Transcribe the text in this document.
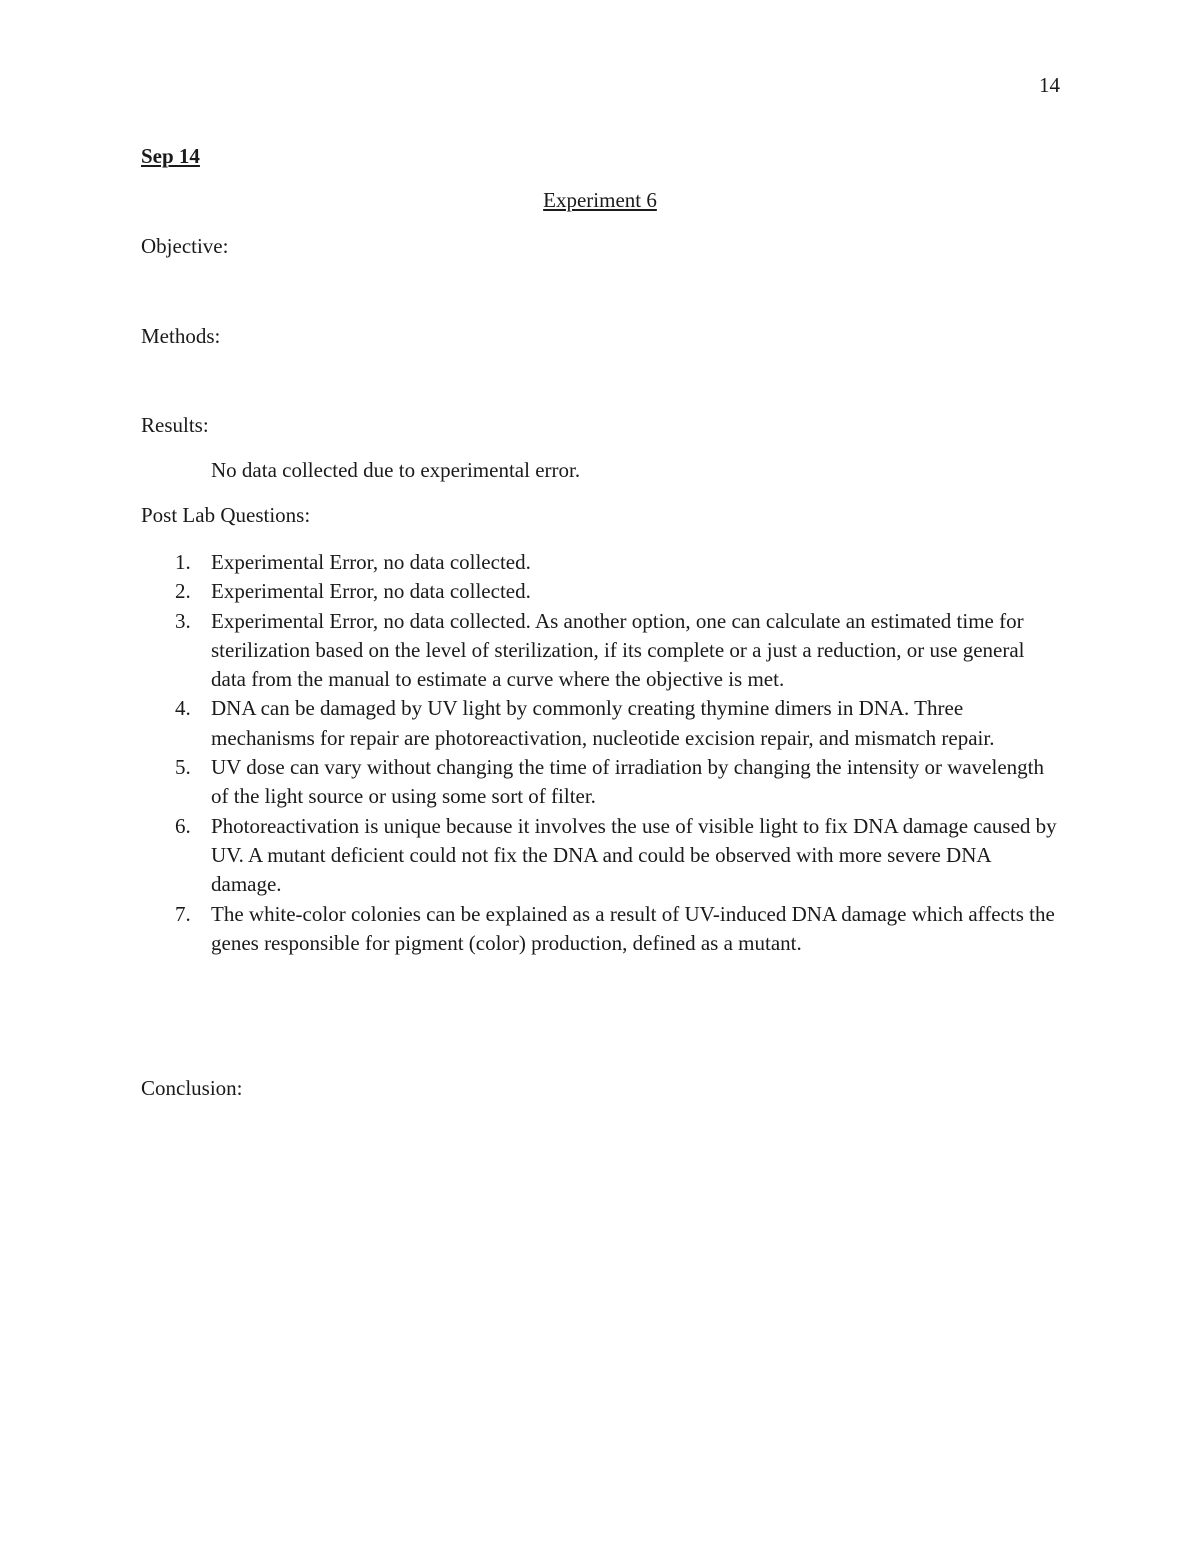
14
Sep 14
Experiment 6
Objective:
Methods:
Results:
No data collected due to experimental error.
Post Lab Questions:
1. Experimental Error, no data collected.
2. Experimental Error, no data collected.
3. Experimental Error, no data collected. As another option, one can calculate an estimated time for sterilization based on the level of sterilization, if its complete or a just a reduction, or use general data from the manual to estimate a curve where the objective is met.
4. DNA can be damaged by UV light by commonly creating thymine dimers in DNA. Three mechanisms for repair are photoreactivation, nucleotide excision repair, and mismatch repair.
5. UV dose can vary without changing the time of irradiation by changing the intensity or wavelength of the light source or using some sort of filter.
6. Photoreactivation is unique because it involves the use of visible light to fix DNA damage caused by UV. A mutant deficient could not fix the DNA and could be observed with more severe DNA damage.
7. The white-color colonies can be explained as a result of UV-induced DNA damage which affects the genes responsible for pigment (color) production, defined as a mutant.
Conclusion:
